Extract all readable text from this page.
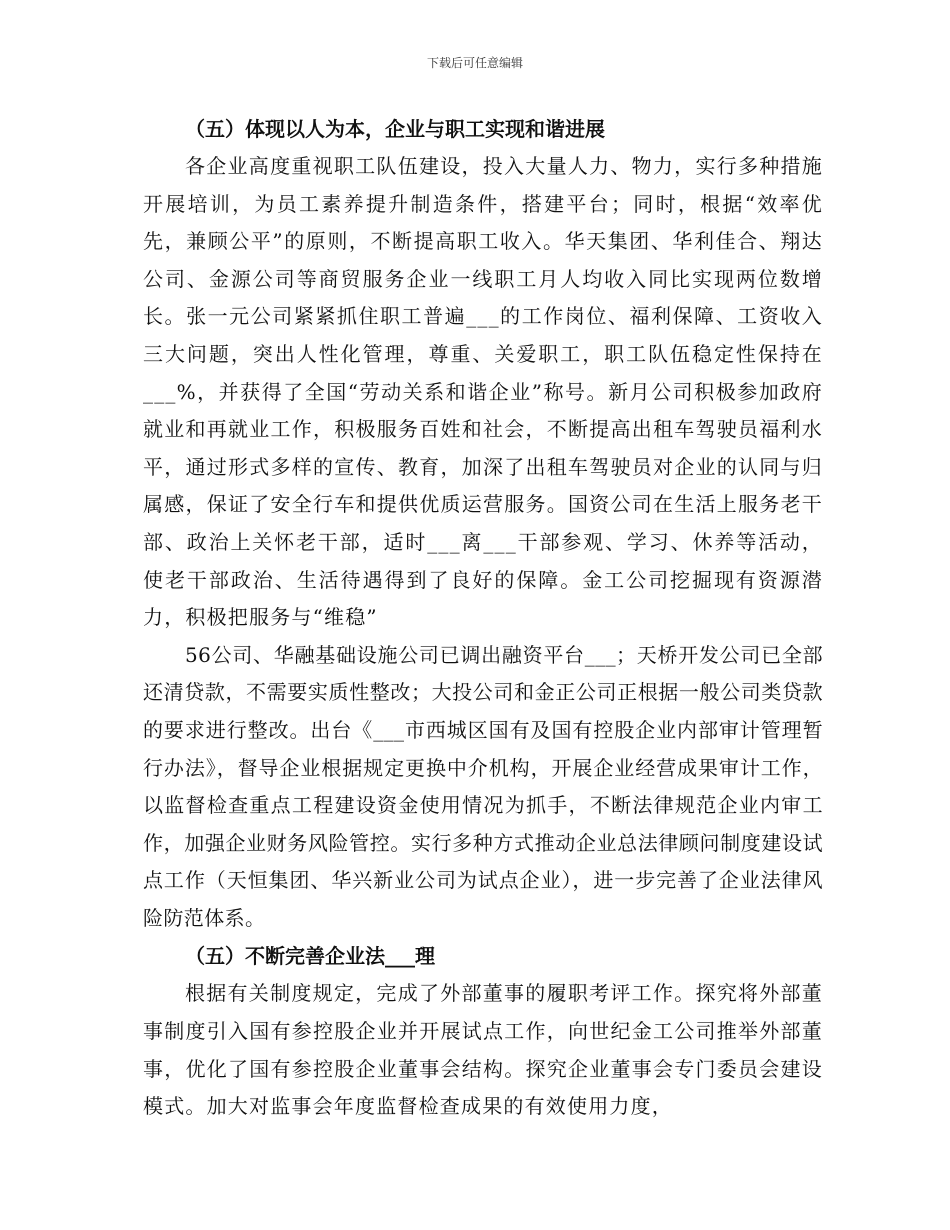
下载后可任意编辑
（五）体现以人为本，企业与职工实现和谐进展

各企业高度重视职工队伍建设，投入大量人力、物力，实行多种措施开展培训，为员工素养提升制造条件，搭建平台；同时，根据“效率优先，兼顾公平”的原则，不断提高职工收入。华天集团、华利佳合、翔达公司、金源公司等商贸服务企业一线职工月人均收入同比实现两位数增长。张一元公司紧紧抓住职工普遍___的工作岗位、福利保障、工资收入三大问题，突出人性化管理，尊重、关爱职工，职工队伍稳定性保持在___%，并获得了全国“劳动关系和谐企业”称号。新月公司积极参加政府就业和再就业工作，积极服务百姓和社会，不断提高出租车驾驶员福利水平，通过形式多样的宣传、教育，加深了出租车驾驶员对企业的认同与归属感，保证了安全行车和提供优质运营服务。国资公司在生活上服务老干部、政治上关怀老干部，适时___离___干部参观、学习、休养等活动，使老干部政治、生活待遇得到了良好的保障。金工公司挖掘现有资源潜力，积极把服务与“维稳”

56公司、华融基础设施公司已调出融资平台___；天桥开发公司已全部还清贷款，不需要实质性整改；大投公司和金正公司正根据一般公司类贷款的要求进行整改。出台《___市西城区国有及国有控股企业内部审计管理暂行办法》，督导企业根据规定更换中介机构，开展企业经营成果审计工作，以监督检查重点工程建设资金使用情况为抓手，不断法律规范企业内审工作，加强企业财务风险管控。实行多种方式推动企业总法律顾问制度建设试点工作（天恒集团、华兴新业公司为试点企业），进一步完善了企业法律风险防范体系。

（五）不断完善企业法___理

根据有关制度规定，完成了外部董事的履职考评工作。探究将外部董事制度引入国有参控股企业并开展试点工作，向世纪金工公司推举外部董事，优化了国有参控股企业董事会结构。探究企业董事会专门委员会建设模式。加大对监事会年度监督检查成果的有效使用力度，
